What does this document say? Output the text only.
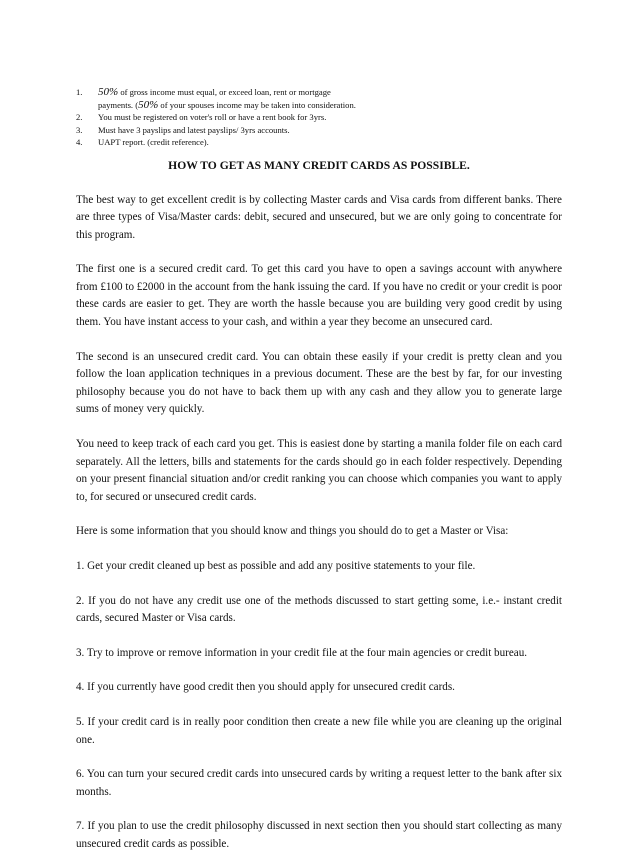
1.	50% of gross income must equal, or exceed loan, rent or mortgage
payments. (50% of your spouses income may be taken into consideration.
2.	You must be registered on voter's roll or have a rent book for 3yrs.
3.	Must have 3 payslips and latest payslips/ 3yrs accounts.
4.	UAPT report. (credit reference).
HOW TO GET AS MANY CREDIT CARDS AS POSSIBLE.

The best way to get excellent credit is by collecting Master cards and Visa cards from different banks. There are three types of Visa/Master cards: debit, secured and unsecured, but we are only going to concentrate for this program.

The first one is a secured credit card. To get this card you have to open a savings account with anywhere from £100 to £2000 in the account from the hank issuing the card. If you have no credit or your credit is poor these cards are easier to get. They are worth the hassle because you are building very good credit by using them. You have instant access to your cash, and within a year they become an unsecured card.

The second is an unsecured credit card. You can obtain these easily if your credit is pretty clean and you follow the loan application techniques in a previous document. These are the best by far, for our investing philosophy because you do not have to back them up with any cash and they allow you to generate large sums of money very quickly.

You need to keep track of each card you get. This is easiest done by starting a manila folder file on each card separately. All the letters, bills and statements for the cards should go in each folder respectively. Depending on your present financial situation and/or credit ranking you can choose which companies you want to apply to, for secured or unsecured credit cards.

Here is some information that you should know and things you should do to get a Master or Visa:

1. Get your credit cleaned up best as possible and add any positive statements to your file.

2. If you do not have any credit use one of the methods discussed to start getting some, i.e.- instant credit cards, secured Master or Visa cards.

3. Try to improve or remove information in your credit file at the four main agencies or credit bureau.

4. If you currently have good credit then you should apply for unsecured credit cards.

5. If your credit card is in really poor condition then create a new file while you are cleaning up the original one.

6. You can turn your secured credit cards into unsecured cards by writing a request letter to the bank after six months.

7. If you plan to use the credit philosophy discussed in next section then you should start collecting as many unsecured credit cards as possible.
